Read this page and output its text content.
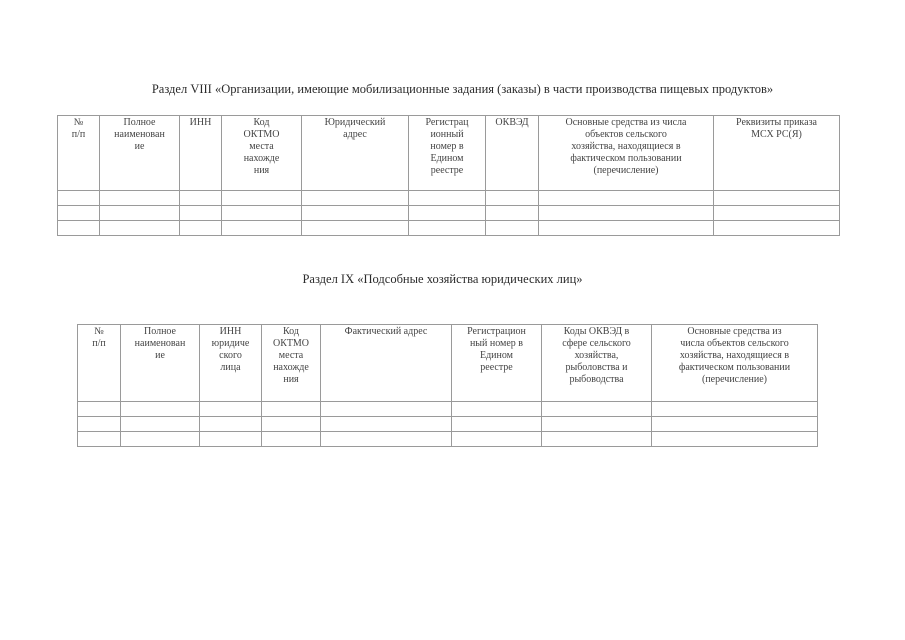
Раздел VIII «Организации, имеющие мобилизационные задания (заказы) в части производства пищевых продуктов»
№
п/п	Полное
наименован
ие	ИНН	Код
ОКТМО
места
нахожде
ния	Юридический
адрес	Регистрац
ионный
номер в
Едином
реестре	ОКВЭД	Основные средства из числа
объектов сельского
хозяйства, находящиеся в
фактическом пользовании
(перечисление)	Реквизиты приказа
МСХ РС(Я)

Раздел IX «Подсобные хозяйства юридических лиц»
№
п/п	Полное
наименован
ие	ИНН
юридиче
ского
лица	Код
ОКТМО
места
нахожде
ния	Фактический адрес	Регистрацион
ный номер в
Едином
реестре	Коды ОКВЭД в
сфере сельского
хозяйства,
рыболовства и
рыбоводства	Основные средства из
числа объектов сельского
хозяйства, находящиеся в
фактическом пользовании
(перечисление)
